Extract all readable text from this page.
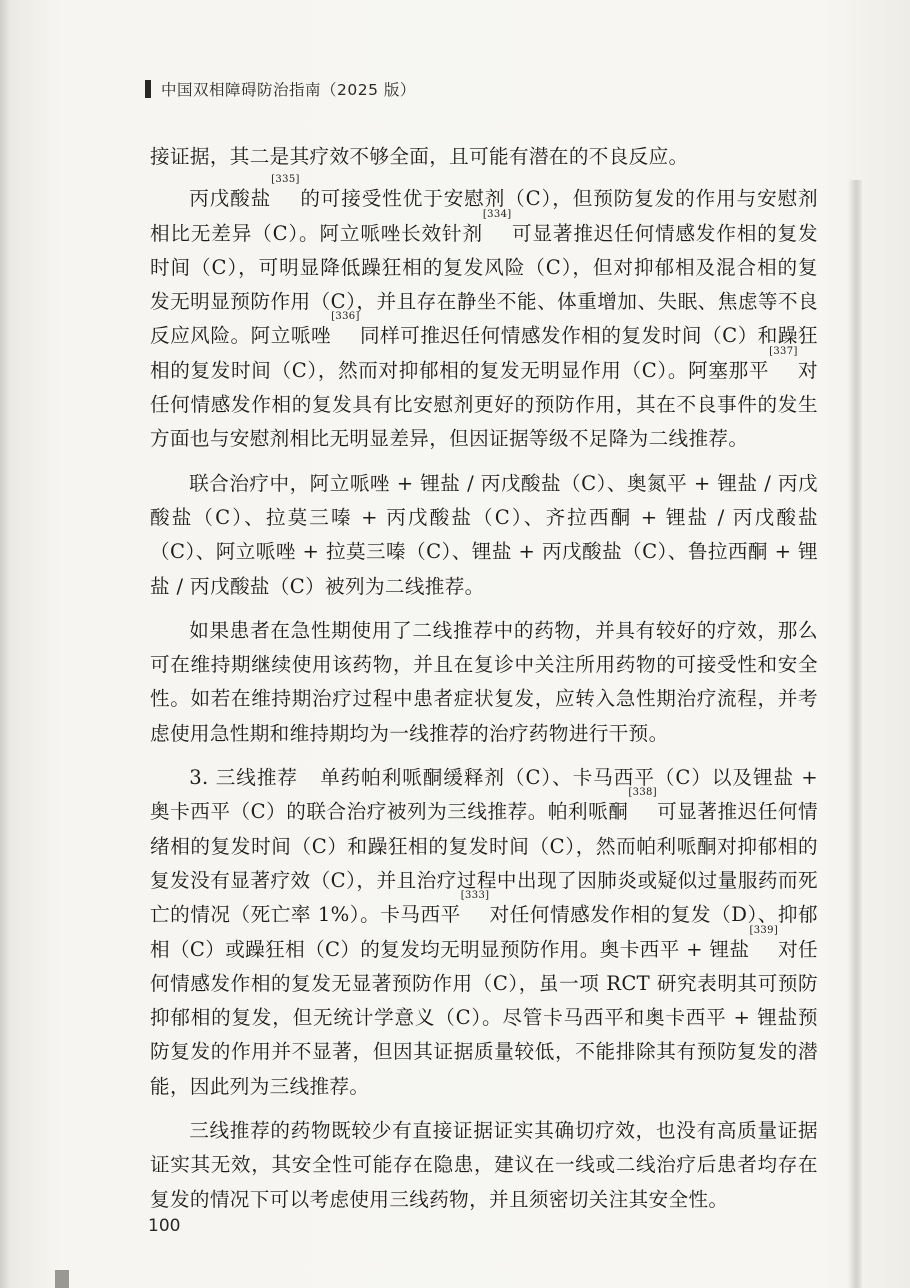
中国双相障碍防治指南（2025 版）

接证据，其二是其疗效不够全面，且可能有潜在的不良反应。

丙戊酸盐[335]的可接受性优于安慰剂（C），但预防复发的作用与安慰剂相比无差异（C）。阿立哌唑长效针剂[334]可显著推迟任何情感发作相的复发时间（C），可明显降低躁狂相的复发风险（C），但对抑郁相及混合相的复发无明显预防作用（C），并且存在静坐不能、体重增加、失眠、焦虑等不良反应风险。阿立哌唑[336]同样可推迟任何情感发作相的复发时间（C）和躁狂相的复发时间（C），然而对抑郁相的复发无明显作用（C）。阿塞那平[337]对任何情感发作相的复发具有比安慰剂更好的预防作用，其在不良事件的发生方面也与安慰剂相比无明显差异，但因证据等级不足降为二线推荐。

联合治疗中，阿立哌唑 + 锂盐 / 丙戊酸盐（C）、奥氮平 + 锂盐 / 丙戊酸盐（C）、拉莫三嗪 + 丙戊酸盐（C）、齐拉西酮 + 锂盐 / 丙戊酸盐（C）、阿立哌唑 + 拉莫三嗪（C）、锂盐 + 丙戊酸盐（C）、鲁拉西酮 + 锂盐 / 丙戊酸盐（C）被列为二线推荐。

如果患者在急性期使用了二线推荐中的药物，并具有较好的疗效，那么可在维持期继续使用该药物，并且在复诊中关注所用药物的可接受性和安全性。如若在维持期治疗过程中患者症状复发，应转入急性期治疗流程，并考虑使用急性期和维持期均为一线推荐的治疗药物进行干预。

3. 三线推荐 单药帕利哌酮缓释剂（C）、卡马西平（C）以及锂盐 + 奥卡西平（C）的联合治疗被列为三线推荐。帕利哌酮[338]可显著推迟任何情绪相的复发时间（C）和躁狂相的复发时间（C），然而帕利哌酮对抑郁相的复发没有显著疗效（C），并且治疗过程中出现了因肺炎或疑似过量服药而死亡的情况（死亡率 1%）。卡马西平[333]对任何情感发作相的复发（D）、抑郁相（C）或躁狂相（C）的复发均无明显预防作用。奥卡西平 + 锂盐[339]对任何情感发作相的复发无显著预防作用（C），虽一项 RCT 研究表明其可预防抑郁相的复发，但无统计学意义（C）。尽管卡马西平和奥卡西平 + 锂盐预防复发的作用并不显著，但因其证据质量较低，不能排除其有预防复发的潜能，因此列为三线推荐。

三线推荐的药物既较少有直接证据证实其确切疗效，也没有高质量证据证实其无效，其安全性可能存在隐患，建议在一线或二线治疗后患者均存在复发的情况下可以考虑使用三线药物，并且须密切关注其安全性。

100
